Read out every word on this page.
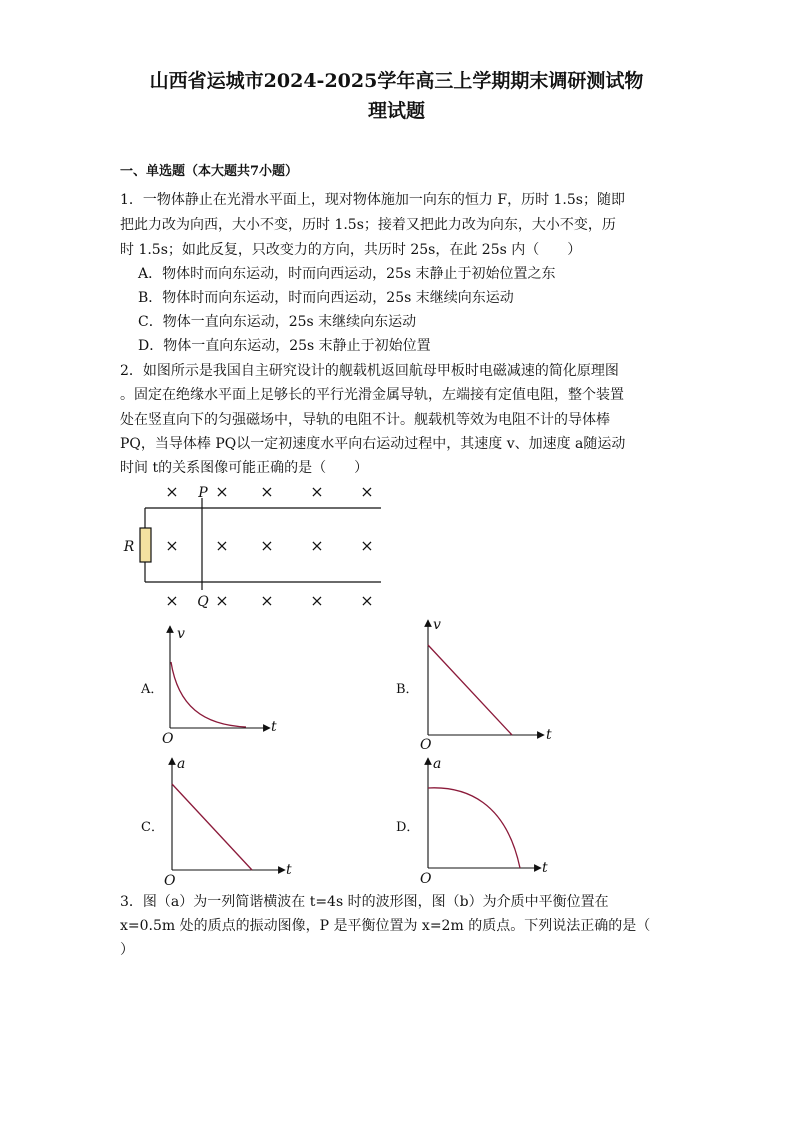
山西省运城市2024-2025学年高三上学期期末调研测试物
理试题
一、单选题（本大题共7小题）
1．一物体静止在光滑水平面上，现对物体施加一向东的恒力 F，历时 1.5s；随即
把此力改为向西，大小不变，历时 1.5s；接着又把此力改为向东，大小不变，历
时 1.5s；如此反复，只改变力的方向，共历时 25s，在此 25s 内（　　）
A．物体时而向东运动，时而向西运动，25s 末静止于初始位置之东
B．物体时而向东运动，时而向西运动，25s 末继续向东运动
C．物体一直向东运动，25s 末继续向东运动
D．物体一直向东运动，25s 末静止于初始位置
2．如图所示是我国自主研究设计的舰载机返回航母甲板时电磁减速的简化原理图
。固定在绝缘水平面上足够长的平行光滑金属导轨，左端接有定值电阻，整个装置
处在竖直向下的匀强磁场中，导轨的电阻不计。舰载机等效为电阻不计的导体棒
PQ，当导体棒 PQ以一定初速度水平向右运动过程中，其速度 v、加速度 a随运动
时间 t的关系图像可能正确的是（　　）
× × × × ×
× × × × ×
× × × × ×
R
P
Q
A．	B．
C．	D．
v
t
O
v
t
O
a
t
O
a
t
O
3．图（a）为一列简谐横波在 t=4s 时的波形图，图（b）为介质中平衡位置在
x=0.5m 处的质点的振动图像，P 是平衡位置为 x=2m 的质点。下列说法正确的是（
）
